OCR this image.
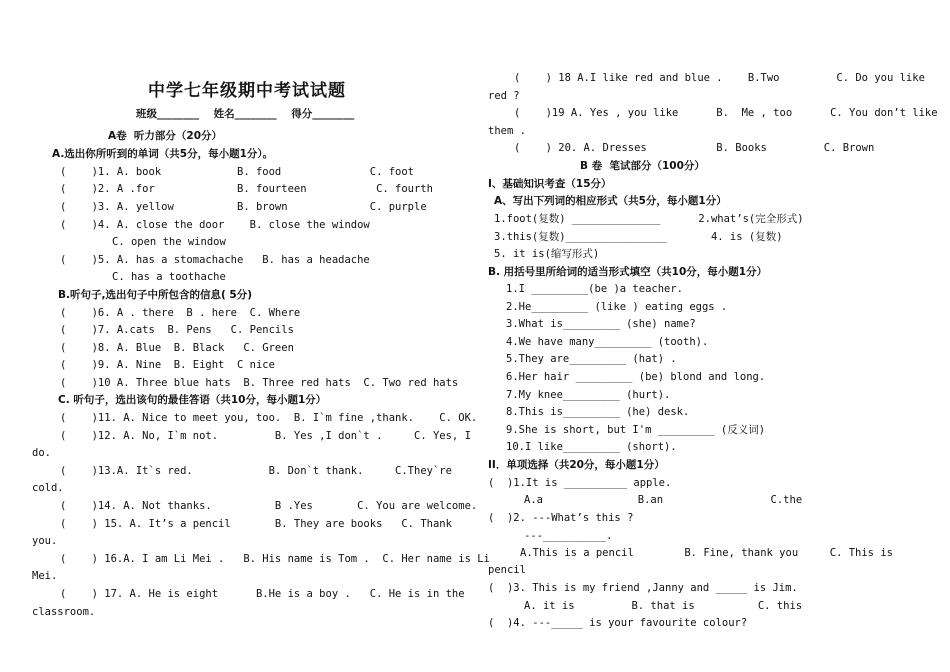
中学七年级期中考试试题
班级________    姓名________    得分________
A卷  听力部分（20分）
A.选出你所听到的单词（共5分，每小题1分）。
(    )1. A. book            B. food              C. foot
(    )2. A .for             B. fourteen           C. fourth
(    )3. A. yellow          B. brown             C. purple
(    )4. A. close the door    B. close the window
C. open the window
(    )5. A. has a stomachache   B. has a headache
C. has a toothache
B.听句子,选出句子中所包含的信息( 5分)
(    )6. A . there  B . here  C. Where
(    )7. A.cats  B. Pens   C. Pencils
(    )8. A. Blue  B. Black   C. Green
(    )9. A. Nine  B. Eight  C nice
(    )10 A. Three blue hats  B. Three red hats  C. Two red hats
C. 听句子，选出该句的最佳答语（共10分，每小题1分）
(    )11. A. Nice to meet you, too.  B. I`m fine ,thank.    C. OK.
(    )12. A. No, I`m not.         B. Yes ,I don`t .     C. Yes, I
do.
(    )13.A. It`s red.            B. Don`t thank.     C.They`re
cold.
(    )14. A. Not thanks.          B .Yes       C. You are welcome.
(    ) 15. A. It’s a pencil       B. They are books   C. Thank
you.
(    ) 16.A. I am Li Mei .   B. His name is Tom .  C. Her name is Li
Mei.
(    ) 17. A. He is eight      B.He is a boy .   C. He is in the
classroom.
(    ) 18 A.I like red and blue .    B.Two         C. Do you like
red ?
(    )19 A. Yes , you like      B.  Me , too      C. You don’t like
them .
(    ) 20. A. Dresses           B. Books         C. Brown
B 卷  笔试部分（100分）
I、基础知识考查（15分）
A、写出下列词的相应形式（共5分，每小题1分）
1.foot(复数) ______________      2.what’s(完全形式)
3.this(复数)________________       4. is (复数)
5. it is(缩写形式)
B. 用括号里所给词的适当形式填空（共10分，每小题1分）
1.I _________(be )a teacher.
2.He_________ (like ) eating eggs .
3.What is_________ (she) name?
4.We have many_________ (tooth).
5.They are_________ (hat) .
6.Her hair _________ (be) blond and long.
7.My knee_________ (hurt).
8.This is_________ (he) desk.
9.She is short, but I'm _________ (反义词)
10.I like_________ (short).
II．单项选择（共20分，每小题1分）
(  )1.It is __________ apple.
A.a               B.an                 C.the
(  )2. ---What’s this ?
---__________.
A.This is a pencil        B. Fine, thank you     C. This is
pencil
(  )3. This is my friend ,Janny and _____ is Jim.
A. it is         B. that is          C. this
(  )4. ---_____ is your favourite colour?
